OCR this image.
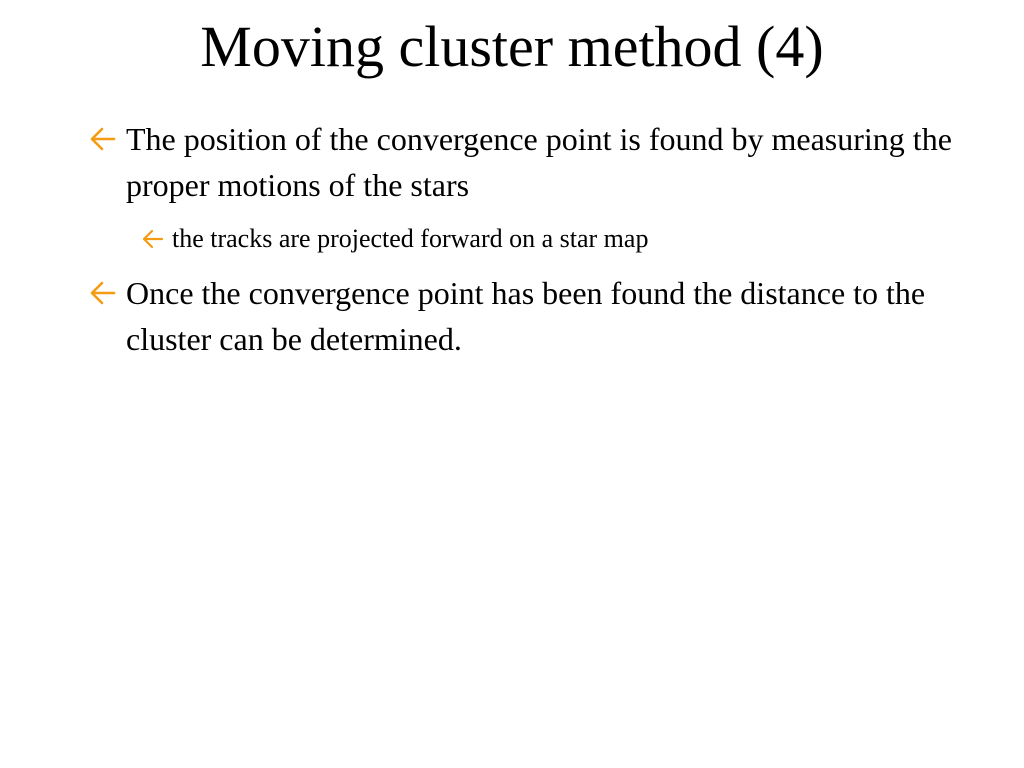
Moving cluster method (4)

The position of the convergence point is found by measuring the proper motions of the stars

the tracks are projected forward on a star map

Once the convergence point has been found the distance to the cluster can be determined.
